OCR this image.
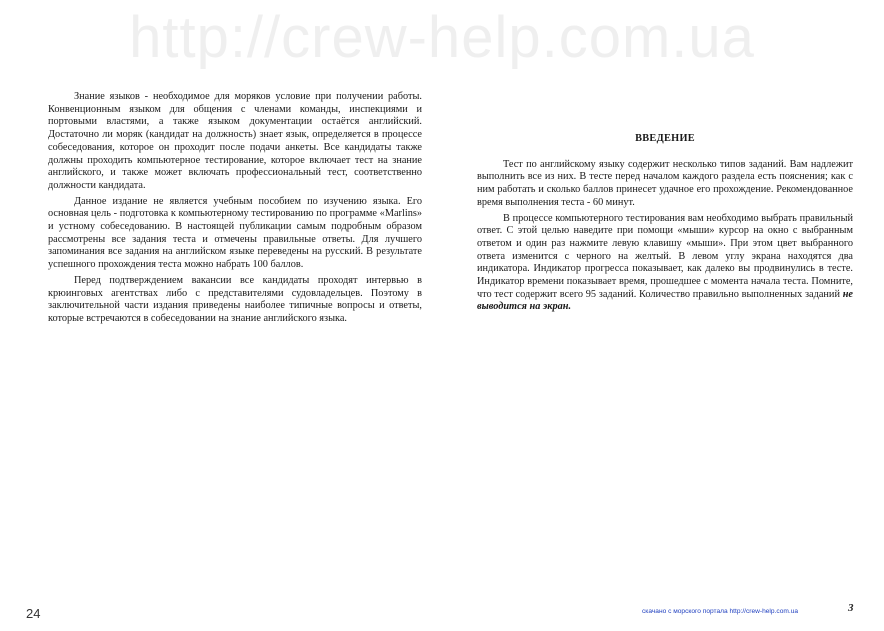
http://crew-help.com.ua

Знание языков - необходимое для моряков условие при получении работы. Конвенционным языком для общения с членами команды, инспекциями и портовыми властями, а также языком документации остаётся английский. Достаточно ли моряк (кандидат на должность) знает язык, определяется в процессе собеседования, которое он проходит после подачи анкеты. Все кандидаты также должны проходить компьютерное тестирование, которое включает тест на знание английского, и также может включать профессиональный тест, соответственно должности кандидата.

Данное издание не является учебным пособием по изучению языка. Его основная цель - подготовка к компьютерному тестированию по программе «Marlins» и устному собеседованию. В настоящей публикации самым подробным образом рассмотрены все задания теста и отмечены правильные ответы. Для лучшего запоминания все задания на английском языке переведены на русский. В результате успешного прохождения теста можно набрать 100 баллов.

Перед подтверждением вакансии все кандидаты проходят интервью в крюинговых агентствах либо с представителями судовладельцев. Поэтому в заключительной части издания приведены наиболее типичные вопросы и ответы, которые встречаются в собеседовании на знание английского языка.

ВВЕДЕНИЕ

Тест по английскому языку содержит несколько типов заданий. Вам надлежит выполнить все из них. В тесте перед началом каждого раздела есть пояснения; как с ним работать и сколько баллов принесет удачное его прохождение. Рекомендованное время выполнения теста - 60 минут.

В процессе компьютерного тестирования вам необходимо выбрать правильный ответ. С этой целью наведите при помощи «мыши» курсор на окно с выбранным ответом и один раз нажмите левую клавишу «мыши». При этом цвет выбранного ответа изменится с черного на желтый. В левом углу экрана находятся два индикатора. Индикатор прогресса показывает, как далеко вы продвинулись в тесте. Индикатор времени показывает время, прошедшее с момента начала теста. Помните, что тест содержит всего 95 заданий. Количество правильно выполненных заданий не выводится на экран.

24	скачано с морского портала http://crew-help.com.ua	3
